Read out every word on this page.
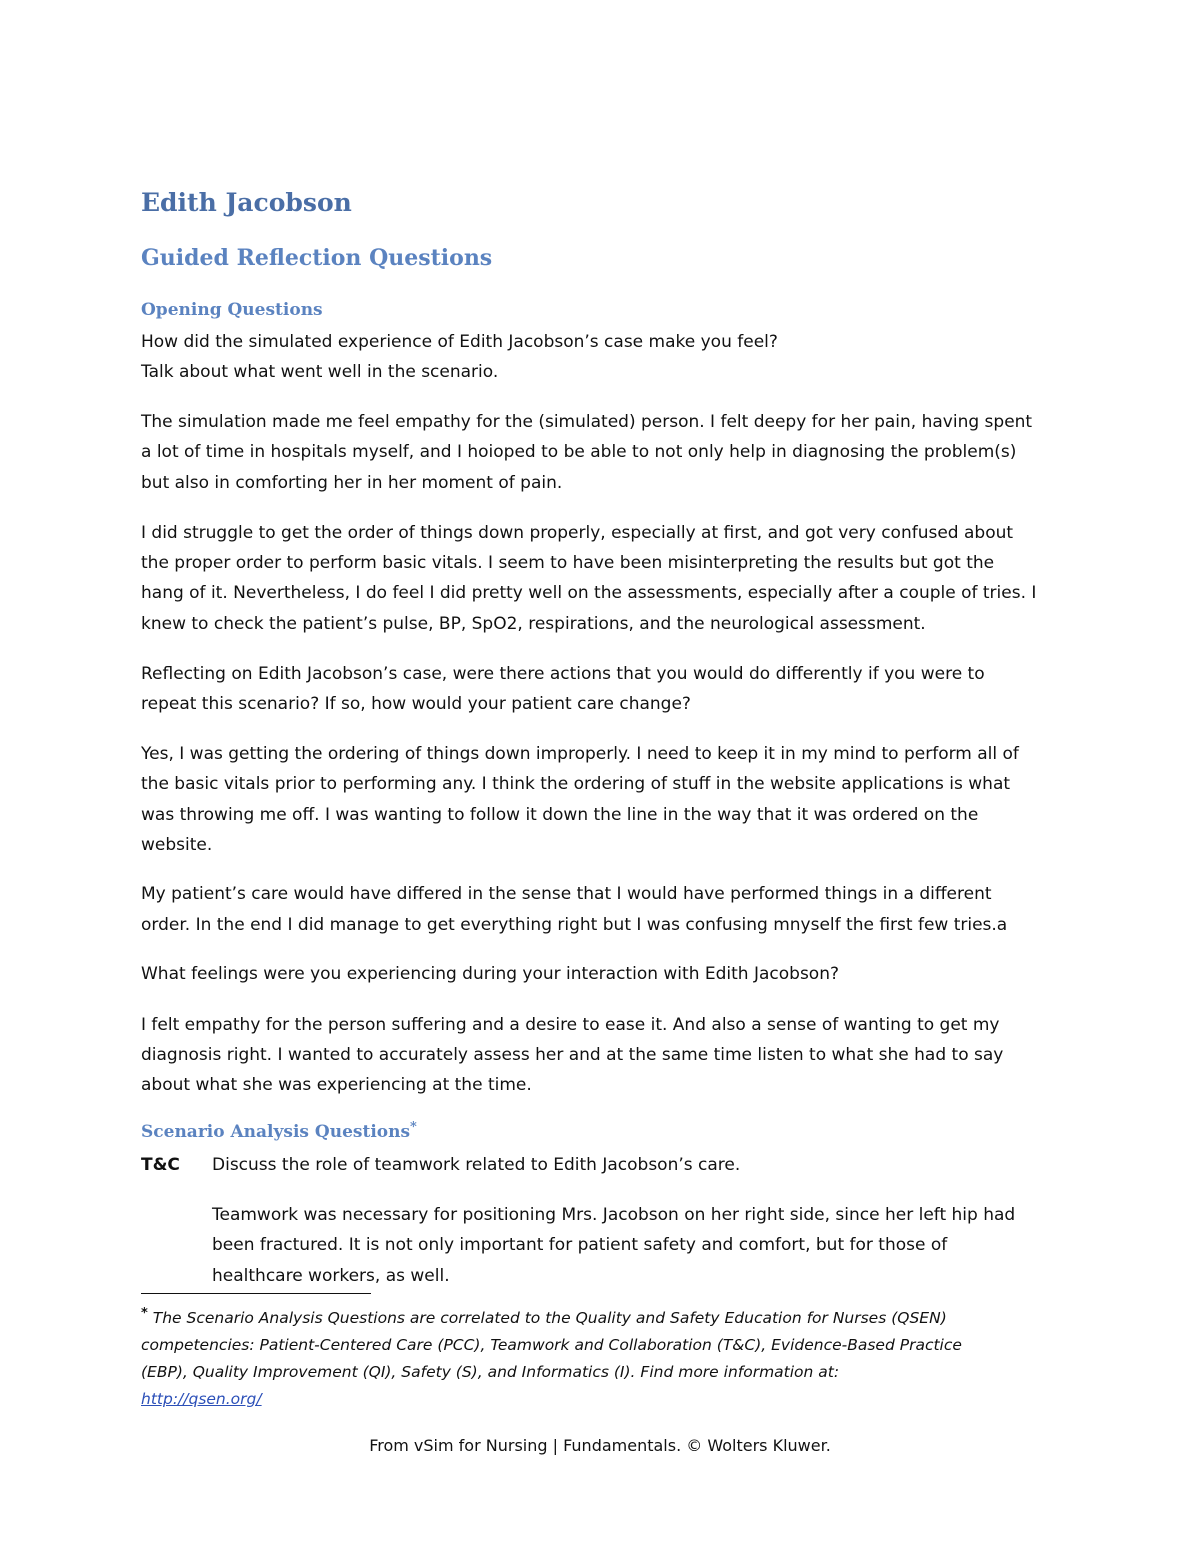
Edith Jacobson
Guided Reflection Questions
Opening Questions
How did the simulated experience of Edith Jacobson’s case make you feel?
Talk about what went well in the scenario.
The simulation made me feel empathy for the (simulated) person. I felt deepy for her pain, having spent
a lot of time in hospitals myself, and I hoioped to be able to not only help in diagnosing the problem(s)
but also in comforting her in her moment of pain.
I did struggle to get the order of things down properly, especially at first, and got very confused about
the proper order to perform basic vitals. I seem to have been misinterpreting the results but got the
hang of it. Nevertheless, I do feel I did pretty well on the assessments, especially after a couple of tries. I
knew to check the patient’s pulse, BP, SpO2, respirations, and the neurological assessment.
Reflecting on Edith Jacobson’s case, were there actions that you would do differently if you were to
repeat this scenario? If so, how would your patient care change?
Yes, I was getting the ordering of things down improperly. I need to keep it in my mind to perform all of
the basic vitals prior to performing any. I think the ordering of stuff in the website applications is what
was throwing me off. I was wanting to follow it down the line in the way that it was ordered on the
website.
My patient’s care would have differed in the sense that I would have performed things in a different
order. In the end I did manage to get everything right but I was confusing mnyself the first few tries.a
What feelings were you experiencing during your interaction with Edith Jacobson?
I felt empathy for the person suffering and a desire to ease it. And also a sense of wanting to get my
diagnosis right. I wanted to accurately assess her and at the same time listen to what she had to say
about what she was experiencing at the time.
Scenario Analysis Questions*
T&C Discuss the role of teamwork related to Edith Jacobson’s care.
Teamwork was necessary for positioning Mrs. Jacobson on her right side, since her left hip had
been fractured. It is not only important for patient safety and comfort, but for those of
healthcare workers, as well.
* The Scenario Analysis Questions are correlated to the Quality and Safety Education for Nurses (QSEN)
competencies: Patient-Centered Care (PCC), Teamwork and Collaboration (T&C), Evidence-Based Practice
(EBP), Quality Improvement (QI), Safety (S), and Informatics (I). Find more information at:
http://qsen.org/
From vSim for Nursing | Fundamentals. © Wolters Kluwer.
